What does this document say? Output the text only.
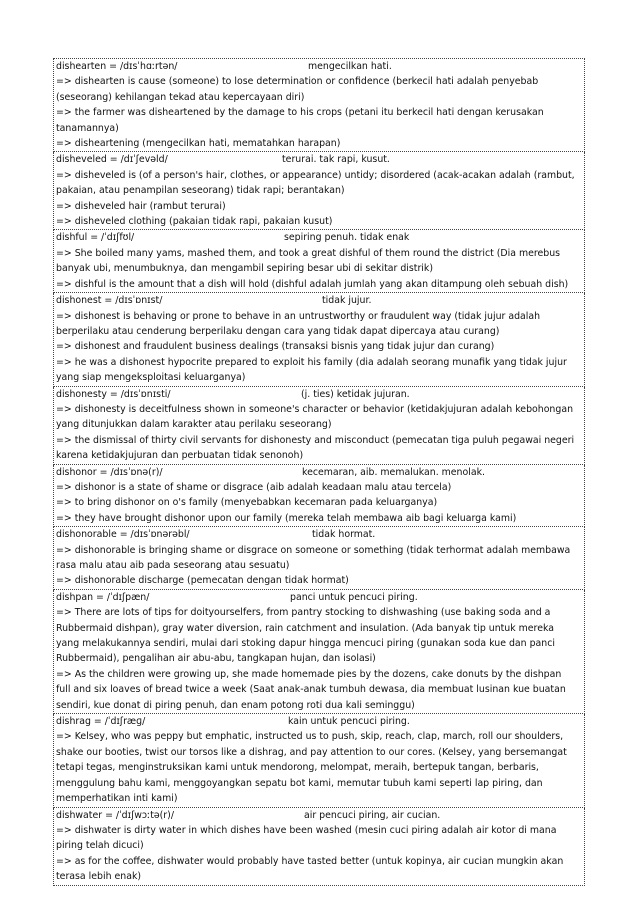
dishearten = /dɪsˈhɑːrtən/	mengecilkan hati.
=> dishearten is cause (someone) to lose determination or confidence (berkecil hati adalah penyebab
(seseorang) kehilangan tekad atau kepercayaan diri)
=> the farmer was disheartened by the damage to his crops (petani itu berkecil hati dengan kerusakan
tanamannya)
=> disheartening (mengecilkan hati, mematahkan harapan)
disheveled = /dɪˈʃevəld/	terurai. tak rapi, kusut.
=> disheveled is (of a person's hair, clothes, or appearance) untidy; disordered (acak-acakan adalah (rambut,
pakaian, atau penampilan seseorang) tidak rapi; berantakan)
=> disheveled hair (rambut terurai)
=> disheveled clothing (pakaian tidak rapi, pakaian kusut)
dishful = /ˈdɪʃfʊl/	sepiring penuh. tidak enak
=> She boiled many yams, mashed them, and took a great dishful of them round the district (Dia merebus
banyak ubi, menumbuknya, dan mengambil sepiring besar ubi di sekitar distrik)
=> dishful is the amount that a dish will hold (dishful adalah jumlah yang akan ditampung oleh sebuah dish)
dishonest = /dɪsˈɒnɪst/	tidak jujur.
=> dishonest is behaving or prone to behave in an untrustworthy or fraudulent way (tidak jujur adalah
berperilaku atau cenderung berperilaku dengan cara yang tidak dapat dipercaya atau curang)
=> dishonest and fraudulent business dealings (transaksi bisnis yang tidak jujur dan curang)
=> he was a dishonest hypocrite prepared to exploit his family (dia adalah seorang munafik yang tidak jujur
yang siap mengeksploitasi keluarganya)
dishonesty = /dɪsˈɒnɪsti/	(j. ties) ketidak jujuran.
=> dishonesty is deceitfulness shown in someone's character or behavior (ketidakjujuran adalah kebohongan
yang ditunjukkan dalam karakter atau perilaku seseorang)
=> the dismissal of thirty civil servants for dishonesty and misconduct (pemecatan tiga puluh pegawai negeri
karena ketidakjujuran dan perbuatan tidak senonoh)
dishonor = /dɪsˈɒnə(r)/	kecemaran, aib. memalukan. menolak.
=> dishonor is a state of shame or disgrace (aib adalah keadaan malu atau tercela)
=> to bring dishonor on o's family (menyebabkan kecemaran pada keluarganya)
=> they have brought dishonor upon our family (mereka telah membawa aib bagi keluarga kami)
dishonorable = /dɪsˈɒnərəbl/	tidak hormat.
=> dishonorable is bringing shame or disgrace on someone or something (tidak terhormat adalah membawa
rasa malu atau aib pada seseorang atau sesuatu)
=> dishonorable discharge (pemecatan dengan tidak hormat)
dishpan = /ˈdɪʃpæn/	panci untuk pencuci piring.
=> There are lots of tips for doityourselfers, from pantry stocking to dishwashing (use baking soda and a
Rubbermaid dishpan), gray water diversion, rain catchment and insulation. (Ada banyak tip untuk mereka
yang melakukannya sendiri, mulai dari stoking dapur hingga mencuci piring (gunakan soda kue dan panci
Rubbermaid), pengalihan air abu-abu, tangkapan hujan, dan isolasi)
=> As the children were growing up, she made homemade pies by the dozens, cake donuts by the dishpan
full and six loaves of bread twice a week (Saat anak-anak tumbuh dewasa, dia membuat lusinan kue buatan
sendiri, kue donat di piring penuh, dan enam potong roti dua kali seminggu)
dishrag = /ˈdɪʃræɡ/	kain untuk pencuci piring.
=> Kelsey, who was peppy but emphatic, instructed us to push, skip, reach, clap, march, roll our shoulders,
shake our booties, twist our torsos like a dishrag, and pay attention to our cores. (Kelsey, yang bersemangat
tetapi tegas, menginstruksikan kami untuk mendorong, melompat, meraih, bertepuk tangan, berbaris,
menggulung bahu kami, menggoyangkan sepatu bot kami, memutar tubuh kami seperti lap piring, dan
memperhatikan inti kami)
dishwater = /ˈdɪʃwɔːtə(r)/	air pencuci piring, air cucian.
=> dishwater is dirty water in which dishes have been washed (mesin cuci piring adalah air kotor di mana
piring telah dicuci)
=> as for the coffee, dishwater would probably have tasted better (untuk kopinya, air cucian mungkin akan
terasa lebih enak)
